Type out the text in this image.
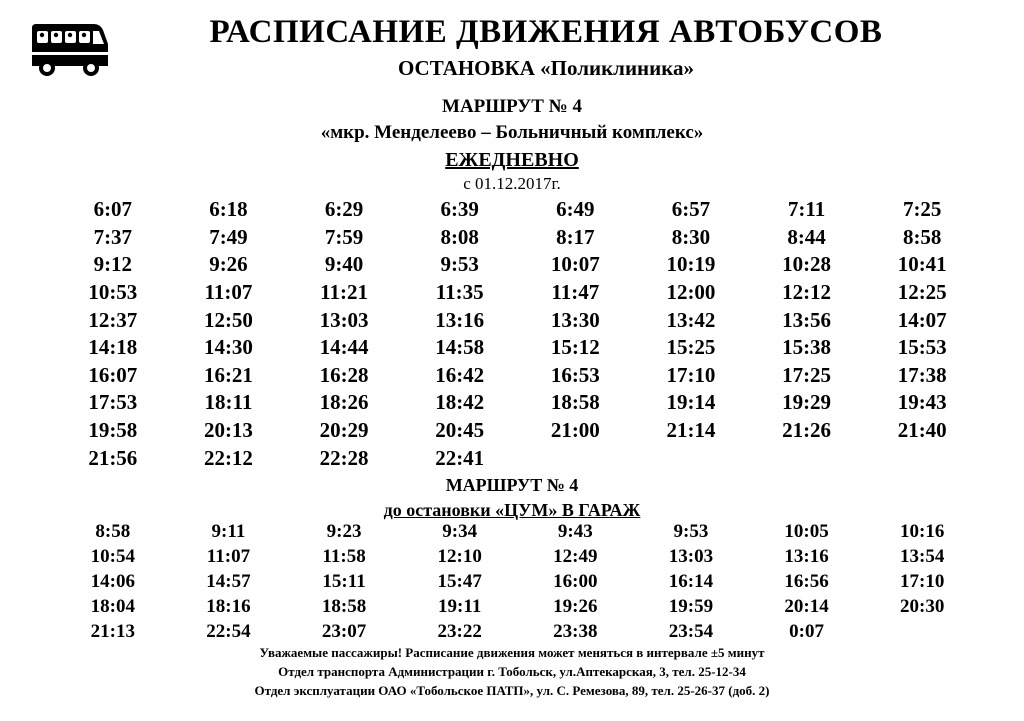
РАСПИСАНИЕ ДВИЖЕНИЯ АВТОБУСОВ
ОСТАНОВКА «Поликлиника»
МАРШРУТ № 4
«мкр. Менделеево – Больничный комплекс»
ЕЖЕДНЕВНО
с 01.12.2017г.
6:07	6:18	6:29	6:39	6:49	6:57	7:11	7:25
7:37	7:49	7:59	8:08	8:17	8:30	8:44	8:58
9:12	9:26	9:40	9:53	10:07	10:19	10:28	10:41
10:53	11:07	11:21	11:35	11:47	12:00	12:12	12:25
12:37	12:50	13:03	13:16	13:30	13:42	13:56	14:07
14:18	14:30	14:44	14:58	15:12	15:25	15:38	15:53
16:07	16:21	16:28	16:42	16:53	17:10	17:25	17:38
17:53	18:11	18:26	18:42	18:58	19:14	19:29	19:43
19:58	20:13	20:29	20:45	21:00	21:14	21:26	21:40
21:56	22:12	22:28	22:41
МАРШРУТ № 4
до остановки «ЦУМ» В ГАРАЖ
8:58	9:11	9:23	9:34	9:43	9:53	10:05	10:16
10:54	11:07	11:58	12:10	12:49	13:03	13:16	13:54
14:06	14:57	15:11	15:47	16:00	16:14	16:56	17:10
18:04	18:16	18:58	19:11	19:26	19:59	20:14	20:30
21:13	22:54	23:07	23:22	23:38	23:54	0:07
Уважаемые пассажиры! Расписание движения может меняться в интервале ±5 минут
Отдел транспорта Администрации г. Тобольск, ул.Аптекарская, 3, тел. 25-12-34
Отдел эксплуатации ОАО «Тобольское ПАТП», ул. С. Ремезова, 89, тел. 25-26-37 (доб. 2)
